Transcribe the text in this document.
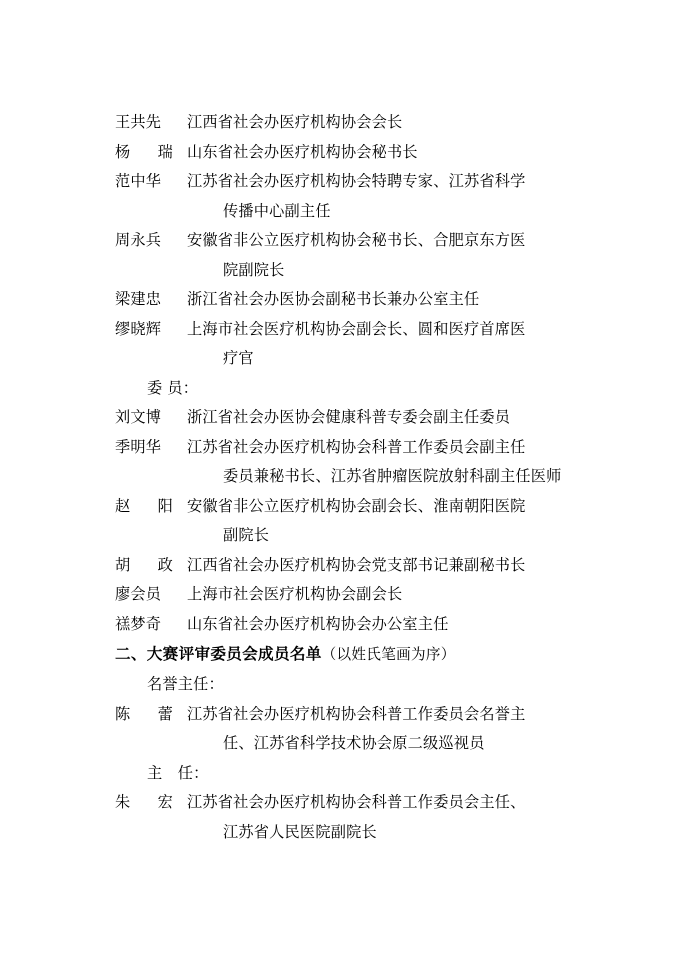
王共先	江西省社会办医疗机构协会会长
杨　瑞 山东省社会办医疗机构协会秘书长
范中华	江苏省社会办医疗机构协会特聘专家、江苏省科学
传播中心副主任
周永兵	安徽省非公立医疗机构协会秘书长、合肥京东方医
院副院长
梁建忠	浙江省社会办医协会副秘书长兼办公室主任
缪晓辉	上海市社会医疗机构协会副会长、圆和医疗首席医
疗官
委 员：
刘文博	浙江省社会办医协会健康科普专委会副主任委员
季明华	江苏省社会办医疗机构协会科普工作委员会副主任
委员兼秘书长、江苏省肿瘤医院放射科副主任医师
赵　阳 安徽省非公立医疗机构协会副会长、淮南朝阳医院
副院长
胡　政 江西省社会办医疗机构协会党支部书记兼副秘书长
廖会员	上海市社会医疗机构协会副会长
禚梦奇	山东省社会办医疗机构协会办公室主任
二、大赛评审委员会成员名单（以姓氏笔画为序）
名誉主任：
陈　蕾 江苏省社会办医疗机构协会科普工作委员会名誉主
任、江苏省科学技术协会原二级巡视员
主　任：
朱　宏 江苏省社会办医疗机构协会科普工作委员会主任、
江苏省人民医院副院长
